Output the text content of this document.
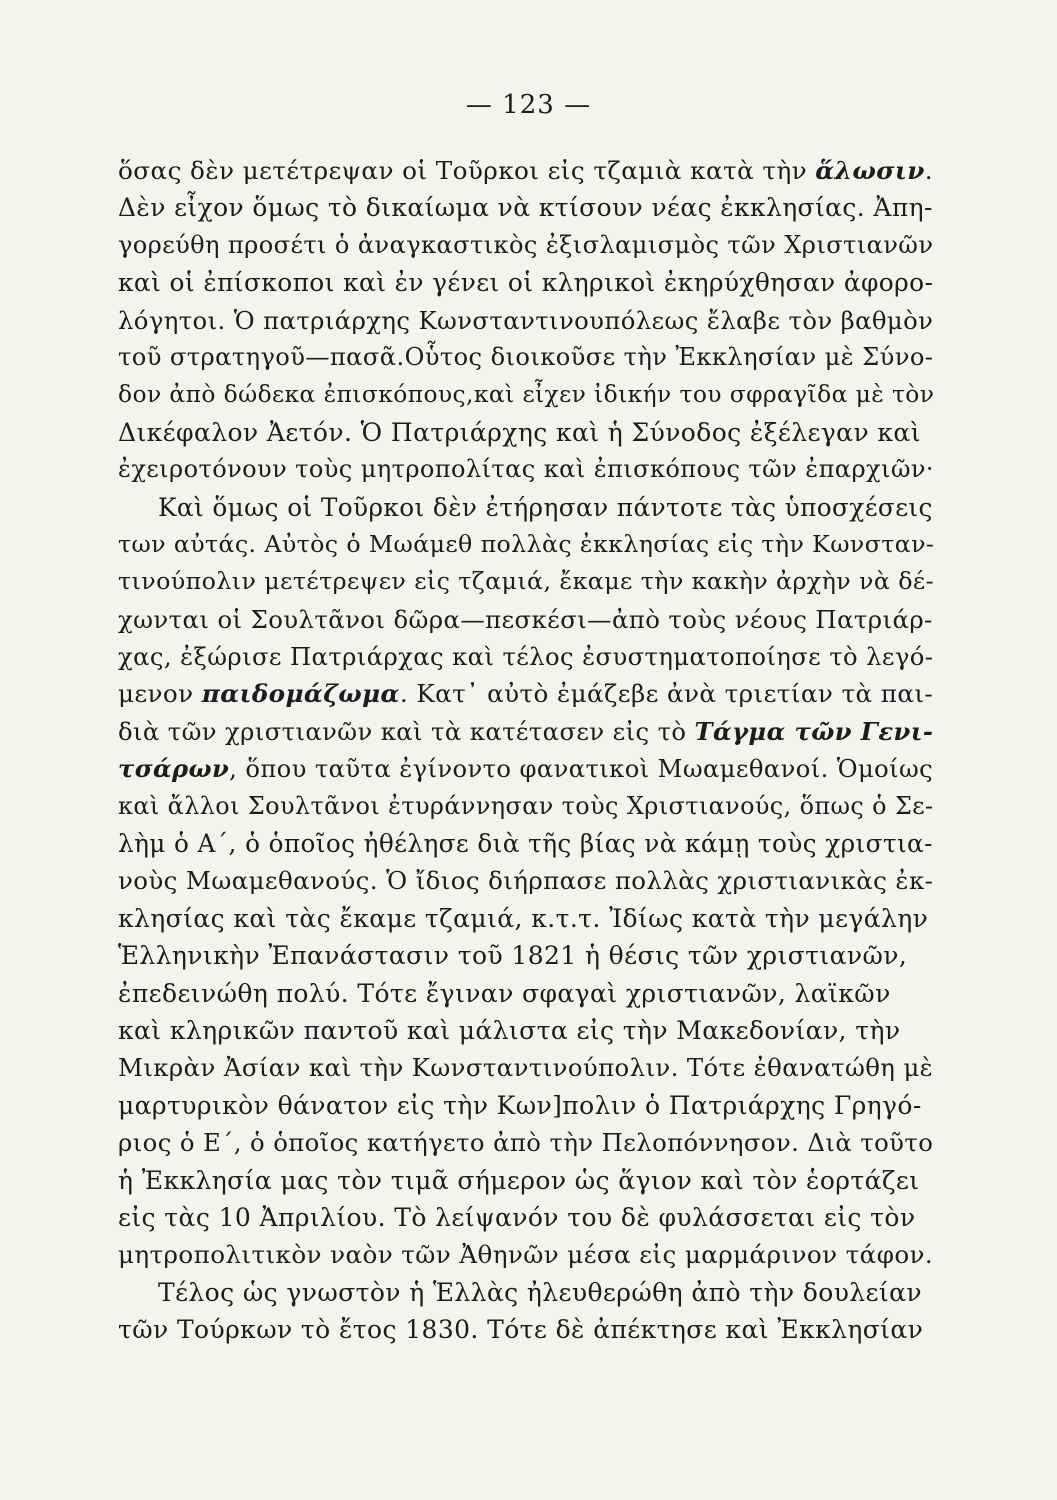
— 123 —
ὅσας δὲν μετέτρεψαν οἱ Τοῦρκοι εἰς τζαμιὰ κατὰ τὴν ἅλωσιν.
Δὲν εἶχον ὅμως τὸ δικαίωμα νὰ κτίσουν νέας ἐκκλησίας. Ἀπη-
γορεύθη προσέτι ὁ ἀναγκαστικὸς ἐξισλαμισμὸς τῶν Χριστιανῶν
καὶ οἱ ἐπίσκοποι καὶ ἐν γένει οἱ κληρικοὶ ἐκηρύχθησαν ἀφορο-
λόγητοι. Ὁ πατριάρχης Κωνσταντινουπόλεως ἔλαβε τὸν βαθμὸν
τοῦ στρατηγοῦ—πασᾶ.Οὗτος διοικοῦσε τὴν Ἐκκλησίαν μὲ Σύνο-
δον ἀπὸ δώδεκα ἐπισκόπους,καὶ εἶχεν ἰδικήν του σφραγῖδα μὲ τὸν
Δικέφαλον Ἀετόν. Ὁ Πατριάρχης καὶ ἡ Σύνοδος ἐξέλεγαν καὶ
ἐχειροτόνουν τοὺς μητροπολίτας καὶ ἐπισκόπους τῶν ἐπαρχιῶν·
Καὶ ὅμως οἱ Τοῦρκοι δὲν ἐτήρησαν πάντοτε τὰς ὑποσχέσεις
των αὐτάς. Αὐτὸς ὁ Μωάμεθ πολλὰς ἐκκλησίας εἰς τὴν Κωνσταν-
τινούπολιν μετέτρεψεν εἰς τζαμιά, ἔκαμε τὴν κακὴν ἀρχὴν νὰ δέ-
χωνται οἱ Σουλτᾶνοι δῶρα—πεσκέσι—ἀπὸ τοὺς νέους Πατριάρ-
χας, ἐξώρισε Πατριάρχας καὶ τέλος ἐσυστηματοποίησε τὸ λεγό-
μενον παιδομάζωμα. Κατ᾽ αὐτὸ ἐμάζεβε ἀνὰ τριετίαν τὰ παι-
διὰ τῶν χριστιανῶν καὶ τὰ κατέτασεν εἰς τὸ Τάγμα τῶν Γενι-
τσάρων, ὅπου ταῦτα ἐγίνοντο φανατικοὶ Μωαμεθανοί. Ὁμοίως
καὶ ἄλλοι Σουλτᾶνοι ἐτυράννησαν τοὺς Χριστιανούς, ὅπως ὁ Σε-
λὴμ ὁ Α΄, ὁ ὁποῖος ἠθέλησε διὰ τῆς βίας νὰ κάμῃ τοὺς χριστια-
νοὺς Μωαμεθανούς. Ὁ ἴδιος διήρπασε πολλὰς χριστιανικὰς ἐκ-
κλησίας καὶ τὰς ἔκαμε τζαμιά, κ.τ.τ. Ἰδίως κατὰ τὴν μεγάλην
Ἑλληνικὴν Ἐπανάστασιν τοῦ 1821 ἡ θέσις τῶν χριστιανῶν,
ἐπεδεινώθη πολύ. Τότε ἔγιναν σφαγαὶ χριστιανῶν, λαϊκῶν
καὶ κληρικῶν παντοῦ καὶ μάλιστα εἰς τὴν Μακεδονίαν, τὴν
Μικρὰν Ἀσίαν καὶ τὴν Κωνσταντινούπολιν. Τότε ἐθανατώθη μὲ
μαρτυρικὸν θάνατον εἰς τὴν Κων]πολιν ὁ Πατριάρχης Γρηγό-
ριος ὁ Ε΄, ὁ ὁποῖος κατήγετο ἀπὸ τὴν Πελοπόννησον. Διὰ τοῦτο
ἡ Ἐκκλησία μας τὸν τιμᾶ σήμερον ὡς ἅγιον καὶ τὸν ἑορτάζει
εἰς τὰς 10 Ἀπριλίου. Τὸ λείψανόν του δὲ φυλάσσεται εἰς τὸν
μητροπολιτικὸν ναὸν τῶν Ἀθηνῶν μέσα εἰς μαρμάρινον τάφον.
Τέλος ὡς γνωστὸν ἡ Ἑλλὰς ἠλευθερώθη ἀπὸ τὴν δουλείαν
τῶν Τούρκων τὸ ἔτος 1830. Τότε δὲ ἀπέκτησε καὶ Ἐκκλησίαν
